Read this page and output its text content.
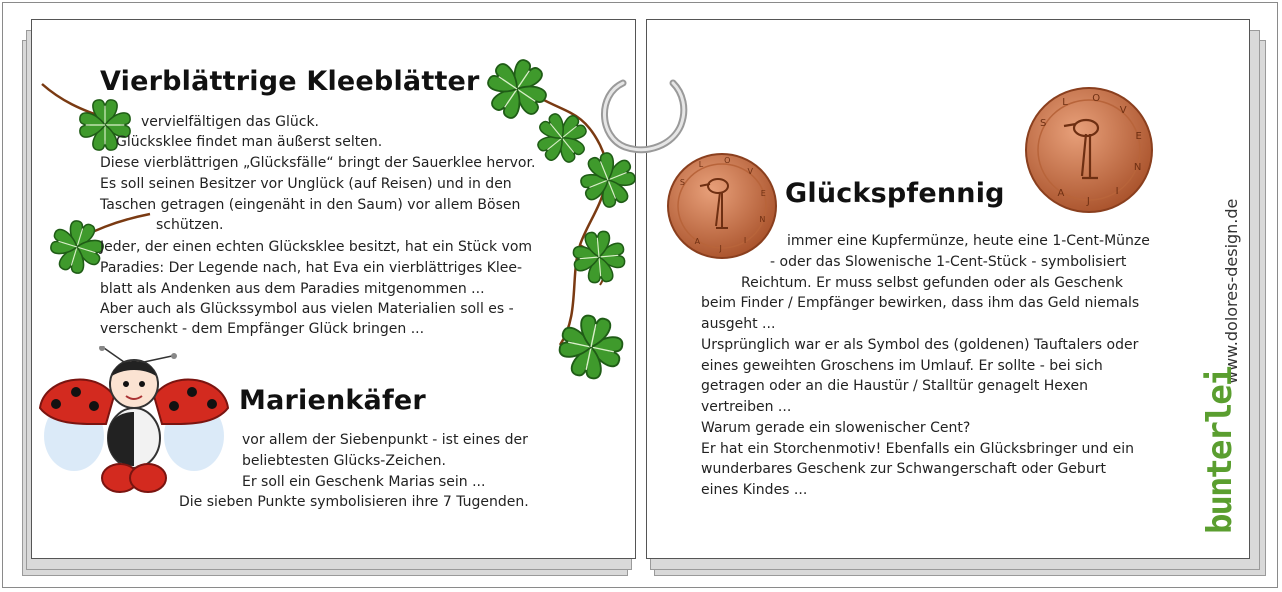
Vierblättrige Kleeblätter
vervielfältigen das Glück.
Glücksklee findet man äußerst selten.
Diese vierblättrigen „Glücksfälle“ bringt der Sauerklee hervor.
Es soll seinen Besitzer vor Unglück (auf Reisen) und in den
Taschen getragen (eingenäht in den Saum) vor allem Bösen
schützen.
Jeder, der einen echten Glücksklee besitzt, hat ein Stück vom
Paradies: Der Legende nach, hat Eva ein vierblättriges Klee-
blatt als Andenken aus dem Paradies mitgenommen ...
Aber auch als Glückssymbol aus vielen Materialien soll es -
verschenkt - dem Empfänger Glück bringen ...
Marienkäfer
vor allem der Siebenpunkt - ist eines der
beliebtesten Glücks-Zeichen.
Er soll ein Geschenk Marias sein ...
Die sieben Punkte symbolisieren ihre 7 Tugenden.
S
L	O
V
E
N
I
J
A
S
L O
V
E
N
I
J
A
Glückspfennig
immer eine Kupfermünze, heute eine 1-Cent-Münze
- oder das Slowenische 1-Cent-Stück - symbolisiert
Reichtum. Er muss selbst gefunden oder als Geschenk
beim Finder / Empfänger bewirken, dass ihm das Geld niemals
ausgeht ...
Ursprünglich war er als Symbol des (goldenen) Tauftalers oder
eines geweihten Groschens im Umlauf. Er sollte - bei sich
getragen oder an die Haustür / Stalltür genagelt Hexen
vertreiben ...
Warum gerade ein slowenischer Cent?
Er hat ein Storchenmotiv! Ebenfalls ein Glücksbringer und ein
wunderbares Geschenk zur Schwangerschaft oder Geburt
eines Kindes ...
www.dolores-design.de
bunterlei
